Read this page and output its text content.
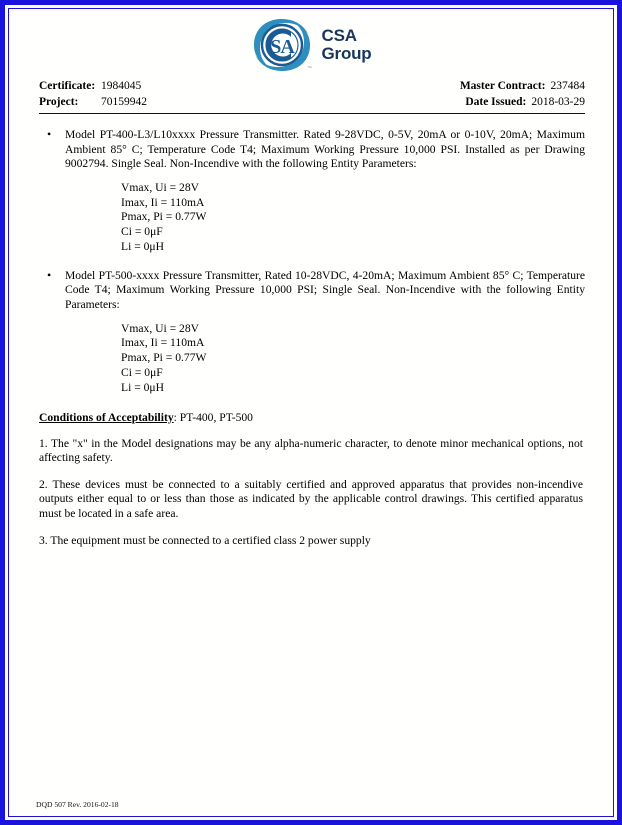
SA
™
CSA
Group
Certificate: 1984045	Master Contract: 237484
Project:	70159942	Date Issued: 2018-03-29
• Model PT-400-L3/L10xxxx Pressure Transmitter. Rated 9-28VDC, 0-5V, 20mA or 0-10V, 20mA; Maximum Ambient 85° C; Temperature Code T4; Maximum Working Pressure 10,000 PSI. Installed as per Drawing 9002794. Single Seal. Non-Incendive with the following Entity Parameters:
Vmax, Ui = 28V
Imax, Ii = 110mA
Pmax, Pi = 0.77W
Ci = 0μF
Li = 0μH
• Model PT-500-xxxx Pressure Transmitter, Rated 10-28VDC, 4-20mA; Maximum Ambient 85° C; Temperature Code T4; Maximum Working Pressure 10,000 PSI; Single Seal. Non-Incendive with the following Entity Parameters:
Vmax, Ui = 28V
Imax, Ii = 110mA
Pmax, Pi = 0.77W
Ci = 0μF
Li = 0μH
Conditions of Acceptability: PT-400, PT-500
1. The "x" in the Model designations may be any alpha-numeric character, to denote minor mechanical options, not affecting safety.
2. These devices must be connected to a suitably certified and approved apparatus that provides non-incendive outputs either equal to or less than those as indicated by the applicable control drawings. This certified apparatus must be located in a safe area.
3. The equipment must be connected to a certified class 2 power supply
DQD 507 Rev. 2016-02-18
